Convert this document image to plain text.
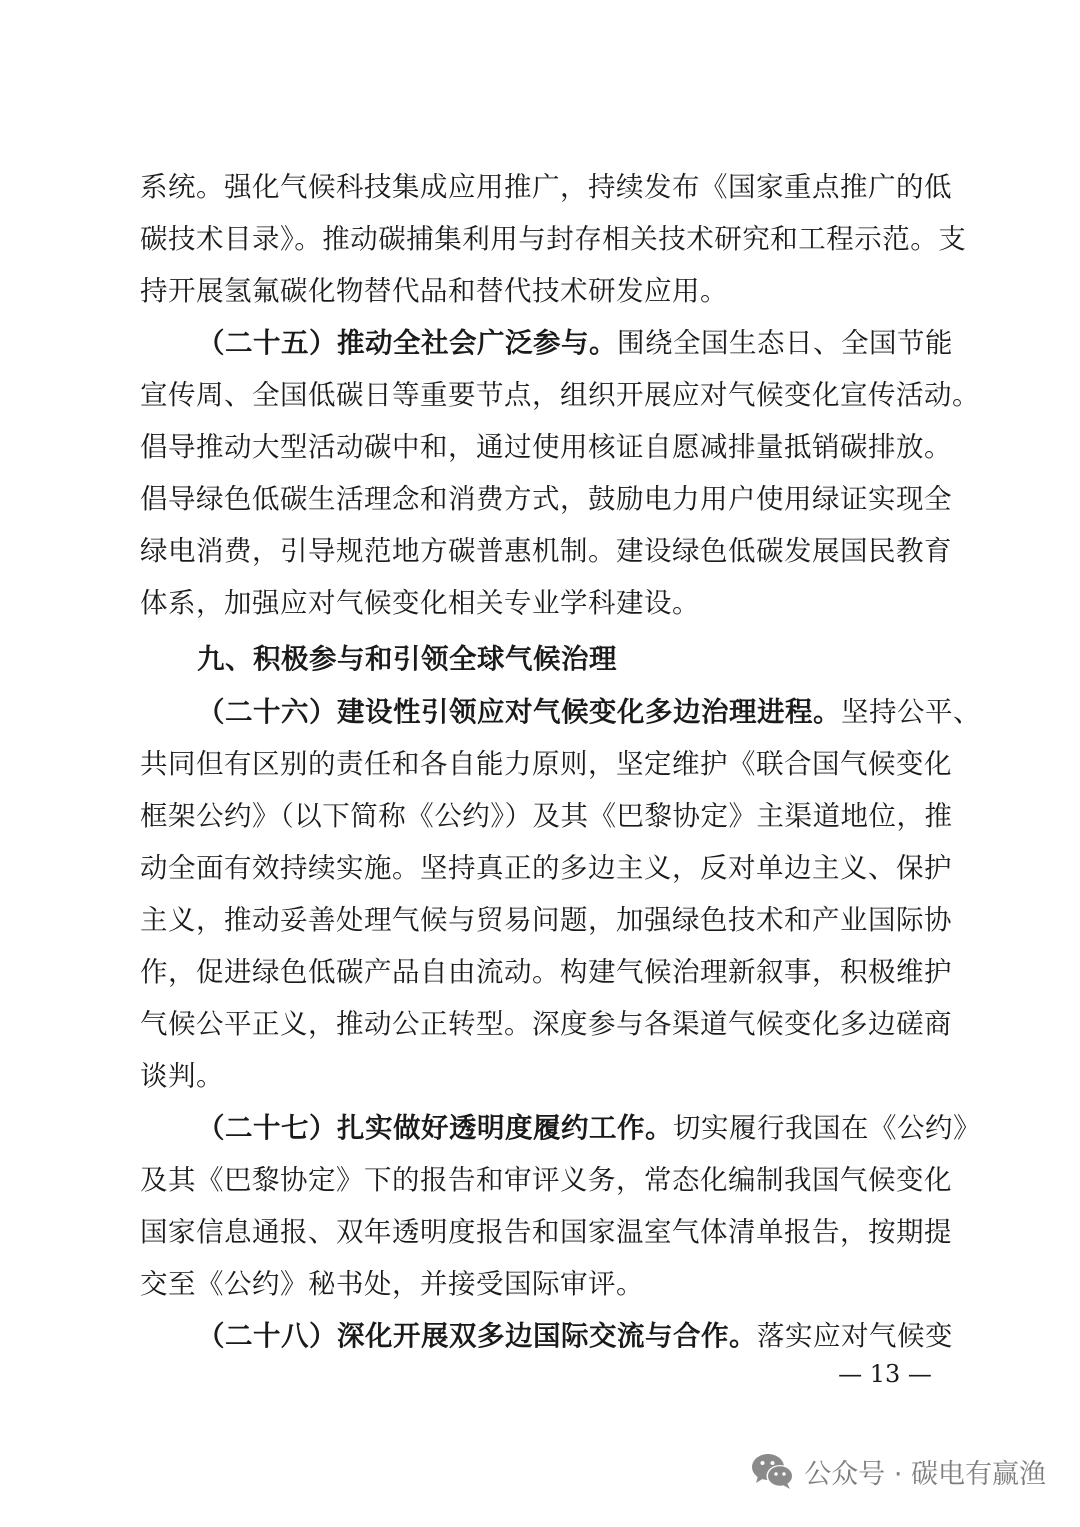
系统。强化气候科技集成应用推广，持续发布《国家重点推广的低
碳技术目录》。推动碳捕集利用与封存相关技术研究和工程示范。支
持开展氢氟碳化物替代品和替代技术研发应用。
（二十五）推动全社会广泛参与。围绕全国生态日、全国节能
宣传周、全国低碳日等重要节点，组织开展应对气候变化宣传活动。
倡导推动大型活动碳中和，通过使用核证自愿减排量抵销碳排放。
倡导绿色低碳生活理念和消费方式，鼓励电力用户使用绿证实现全
绿电消费，引导规范地方碳普惠机制。建设绿色低碳发展国民教育
体系，加强应对气候变化相关专业学科建设。
（二十六）建设性引领应对气候变化多边治理进程。坚持公平、
共同但有区别的责任和各自能力原则，坚定维护《联合国气候变化
框架公约》（以下简称《公约》）及其《巴黎协定》主渠道地位，推
动全面有效持续实施。坚持真正的多边主义，反对单边主义、保护
主义，推动妥善处理气候与贸易问题，加强绿色技术和产业国际协
作，促进绿色低碳产品自由流动。构建气候治理新叙事，积极维护
气候公平正义，推动公正转型。深度参与各渠道气候变化多边磋商
谈判。
（二十七）扎实做好透明度履约工作。切实履行我国在《公约》
及其《巴黎协定》下的报告和审评义务，常态化编制我国气候变化
国家信息通报、双年透明度报告和国家温室气体清单报告，按期提
交至《公约》秘书处，并接受国际审评。
（二十八）深化开展双多边国际交流与合作。落实应对气候变
九、积极参与和引领全球气候治理
— 13 —
公众号 · 碳电有赢渔
